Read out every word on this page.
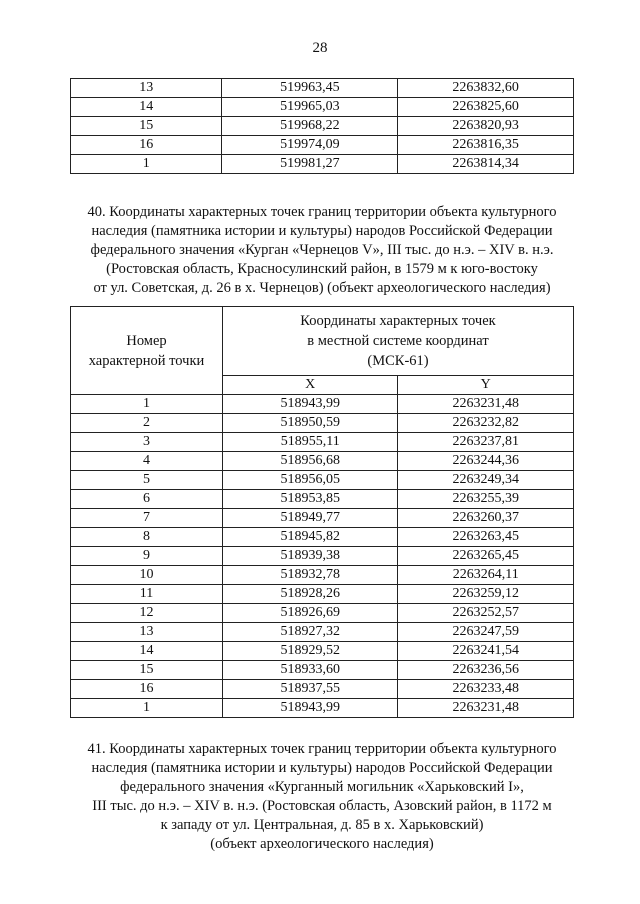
28
13	519963,45	2263832,60
14	519965,03	2263825,60
15	519968,22	2263820,93
16	519974,09	2263816,35
1	519981,27	2263814,34
40. Координаты характерных точек границ территории объекта культурного
наследия (памятника истории и культуры) народов Российской Федерации
федерального значения «Курган «Чернецов V», III тыс. до н.э. – XIV в. н.э.
(Ростовская область, Красносулинский район, в 1579 м к юго-востоку
от ул. Советская, д. 26 в х. Чернецов) (объект археологического наследия)
Номер
характерной точки	Координаты характерных точек
в местной системе координат
(МСК-61)	

	X	Y
1	518943,99	2263231,48
2	518950,59	2263232,82
3	518955,11	2263237,81
4	518956,68	2263244,36
5	518956,05	2263249,34
6	518953,85	2263255,39
7	518949,77	2263260,37
8	518945,82	2263263,45
9	518939,38	2263265,45
10	518932,78	2263264,11
11	518928,26	2263259,12
12	518926,69	2263252,57
13	518927,32	2263247,59
14	518929,52	2263241,54
15	518933,60	2263236,56
16	518937,55	2263233,48
1	518943,99	2263231,48
41. Координаты характерных точек границ территории объекта культурного
наследия (памятника истории и культуры) народов Российской Федерации
федерального значения «Курганный могильник «Харьковский I»,
III тыс. до н.э. – XIV в. н.э. (Ростовская область, Азовский район, в 1172 м
к западу от ул. Центральная, д. 85 в х. Харьковский)
(объект археологического наследия)
